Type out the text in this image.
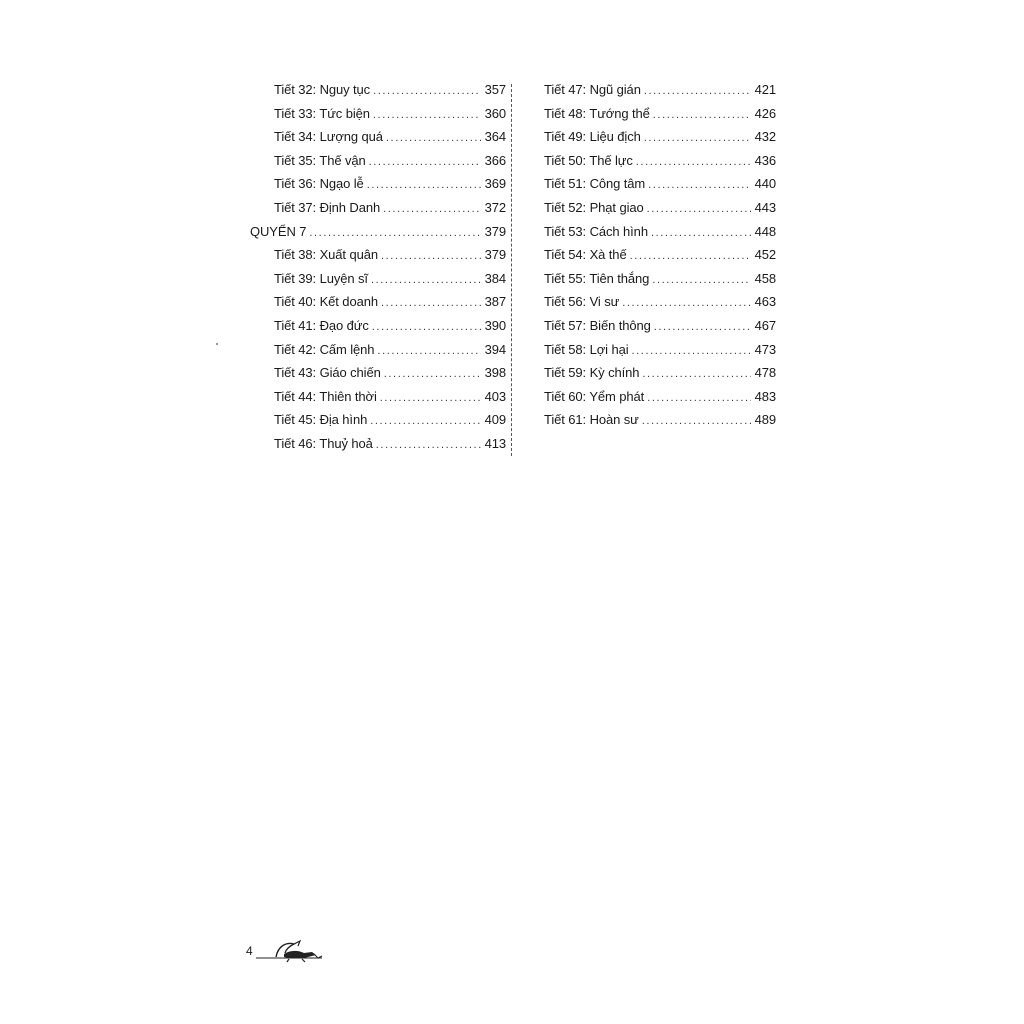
Tiết 32: Nguy tục .....	357
Tiết 33: Tức biện .....	360
Tiết 34: Lượng quá .....	364
Tiết 35: Thế vận .....	366
Tiết 36: Ngạo lễ .....	369
Tiết 37: Định Danh .....	372
QUYỂN 7 .....	379
Tiết 38: Xuất quân .....	379
Tiết 39: Luyện sĩ .....	384
Tiết 40: Kết doanh .....	387
Tiết 41: Đạo đức .....	390
Tiết 42: Cấm lệnh .....	394
Tiết 43: Giáo chiến .....	398
Tiết 44: Thiên thời .....	403
Tiết 45: Địa hình .....	409
Tiết 46: Thuỷ hoả .....	413
Tiết 47: Ngũ gián .....	421
Tiết 48: Tướng thể .....	426
Tiết 49: Liệu địch .....	432
Tiết 50: Thế lực .....	436
Tiết 51: Công tâm .....	440
Tiết 52: Phạt giao .....	443
Tiết 53: Cách hình .....	448
Tiết 54: Xà thế .....	452
Tiết 55: Tiên thắng .....	458
Tiết 56: Vi sư .....	463
Tiết 57: Biến thông .....	467
Tiết 58: Lợi hại .....	473
Tiết 59: Kỳ chính .....	478
Tiết 60: Yểm phát .....	483
Tiết 61: Hoàn sư .....	489
4
